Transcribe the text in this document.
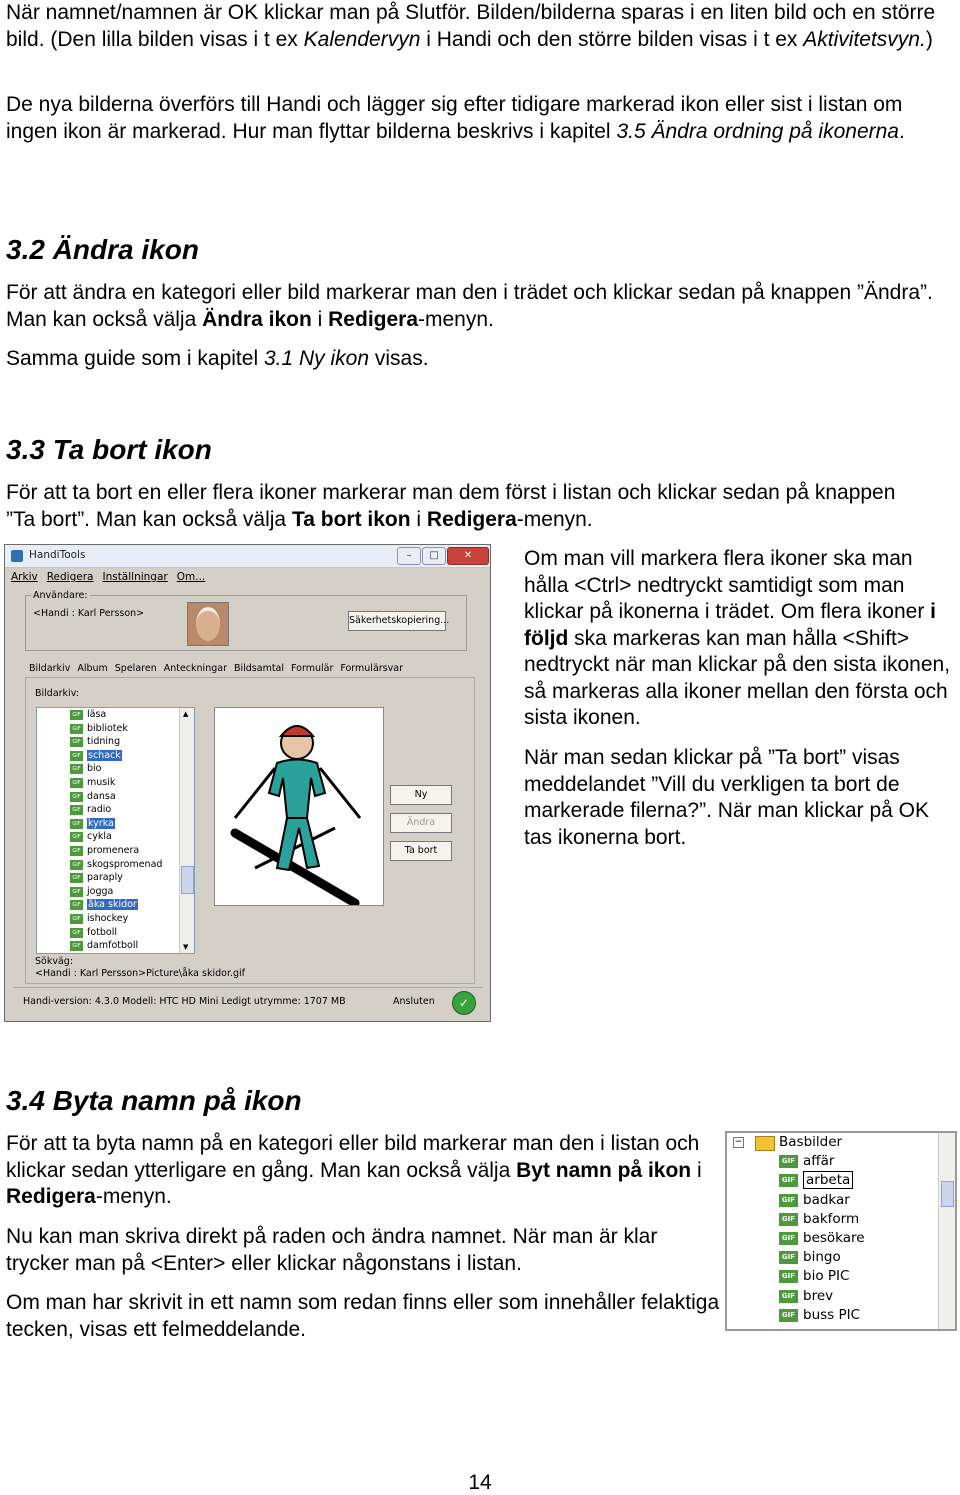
När namnet/namnen är OK klickar man på Slutför. Bilden/bilderna sparas i en liten bild och en större bild. (Den lilla bilden visas i t ex Kalendervyn i Handi och den större bilden visas i t ex Aktivitetsvyn.)

De nya bilderna överförs till Handi och lägger sig efter tidigare markerad ikon eller sist i listan om ingen ikon är markerad. Hur man flyttar bilderna beskrivs i kapitel 3.5 Ändra ordning på ikonerna.

3.2 Ändra ikon

För att ändra en kategori eller bild markerar man den i trädet och klickar sedan på knappen ”Ändra”. Man kan också välja Ändra ikon i Redigera-menyn.

Samma guide som i kapitel 3.1 Ny ikon visas.

3.3 Ta bort ikon

För att ta bort en eller flera ikoner markerar man dem först i listan och klickar sedan på knappen ”Ta bort”. Man kan också välja Ta bort ikon i Redigera-menyn.

Om man vill markera flera ikoner ska man hålla <Ctrl> nedtryckt samtidigt som man klickar på ikonerna i trädet. Om flera ikoner i följd ska markeras kan man hålla <Shift> nedtryckt när man klickar på den sista ikonen, så markeras alla ikoner mellan den första och sista ikonen.

När man sedan klickar på ”Ta bort” visas meddelandet ”Vill du verkligen ta bort de markerade filerna?”. När man klickar på OK tas ikonerna bort.

HandiTools	–	□	✕
Arkiv Redigera Inställningar Om...
Användare:
<Handi : Karl Persson>
Säkerhetskopiering...
Bildarkiv Album Spelaren Anteckningar Bildsamtal Formulär Formulärsvar
Bildarkiv:
GIF läsa
GIF bibliotek
GIF tidning
GIF schack
GIF bio
GIF musik
GIF dansa
GIF radio
GIF kyrka
GIF cykla
GIF promenera
GIF skogspromenad
GIF paraply
GIF jogga
GIF åka skidor
GIF ishockey
GIF fotboll
GIF damfotboll
▲
▼
Ny
Ändra
Ta bort
Sökväg:
<Handi : Karl Persson>Picture\åka skidor.gif
Handi-version: 4.3.0 Modell: HTC HD Mini Ledigt utrymme: 1707 MB	Ansluten	✓
3.4 Byta namn på ikon

För att ta byta namn på en kategori eller bild markerar man den i listan och klickar sedan ytterligare en gång. Man kan också välja Byt namn på ikon i Redigera-menyn.

Nu kan man skriva direkt på raden och ändra namnet. När man är klar trycker man på <Enter> eller klickar någonstans i listan.

Om man har skrivit in ett namn som redan finns eller som innehåller felaktiga tecken, visas ett felmeddelande.

−	Basbilder
GIF affär
GIF arbeta
GIF badkar
GIF bakform
GIF besökare
GIF bingo
GIF bio PIC
GIF brev
GIF buss PIC
14
